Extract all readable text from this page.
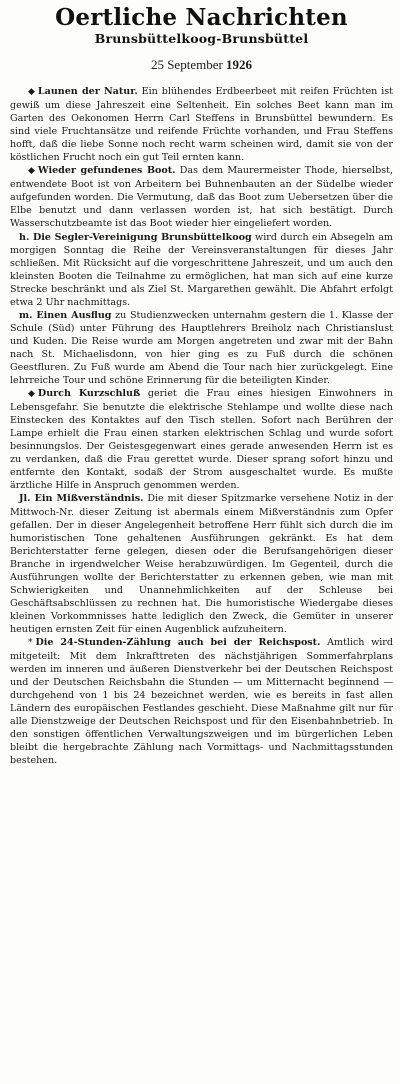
Oertliche Nachrichten
Brunsbüttelkoog-Brunsbüttel
25 September 1926

◆ Launen der Natur. Ein blühendes Erdbeerbeet mit reifen Früchten ist gewiß um diese Jahreszeit eine Seltenheit. Ein solches Beet kann man im Garten des Oekonomen Herrn Carl Steffens in Brunsbüttel bewundern. Es sind viele Fruchtansätze und reifende Früchte vorhanden, und Frau Steffens hofft, daß die liebe Sonne noch recht warm scheinen wird, damit sie von der köstlichen Frucht noch ein gut Teil ernten kann.

◆ Wieder gefundenes Boot. Das dem Maurermeister Thode, hierselbst, entwendete Boot ist von Arbeitern bei Buhnenbauten an der Südelbe wieder aufgefunden worden. Die Vermutung, daß das Boot zum Uebersetzen über die Elbe benutzt und dann verlassen worden ist, hat sich bestätigt. Durch Wasserschutzbeamte ist das Boot wieder hier eingeliefert worden.

h. Die Segler-Vereinigung Brunsbüttelkoog wird durch ein Absegeln am morgigen Sonntag die Reihe der Vereinsveranstaltungen für dieses Jahr schließen. Mit Rücksicht auf die vorgeschrittene Jahreszeit, und um auch den kleinsten Booten die Teilnahme zu ermöglichen, hat man sich auf eine kurze Strecke beschränkt und als Ziel St. Margarethen gewählt. Die Abfahrt erfolgt etwa 2 Uhr nachmittags.

m. Einen Ausflug zu Studienzwecken unternahm gestern die 1. Klasse der Schule (Süd) unter Führung des Hauptlehrers Breiholz nach Christianslust und Kuden. Die Reise wurde am Morgen angetreten und zwar mit der Bahn nach St. Michaelisdonn, von hier ging es zu Fuß durch die schönen Geestfluren. Zu Fuß wurde am Abend die Tour nach hier zurückgelegt. Eine lehrreiche Tour und schöne Erinnerung für die beteiligten Kinder.

◆ Durch Kurzschluß geriet die Frau eines hiesigen Einwohners in Lebensgefahr. Sie benutzte die elektrische Stehlampe und wollte diese nach Einstecken des Kontaktes auf den Tisch stellen. Sofort nach Berühren der Lampe erhielt die Frau einen starken elektrischen Schlag und wurde sofort besinnungslos. Der Geistesgegenwart eines gerade anwesenden Herrn ist es zu verdanken, daß die Frau gerettet wurde. Dieser sprang sofort hinzu und entfernte den Kontakt, sodaß der Strom ausgeschaltet wurde. Es mußte ärztliche Hilfe in Anspruch genommen werden.

Jl. Ein Mißverständnis. Die mit dieser Spitzmarke versehene Notiz in der Mittwoch-Nr. dieser Zeitung ist abermals einem Mißverständnis zum Opfer gefallen. Der in dieser Angelegenheit betroffene Herr fühlt sich durch die im humoristischen Tone gehaltenen Ausführungen gekränkt. Es hat dem Berichterstatter ferne gelegen, diesen oder die Berufsangehörigen dieser Branche in irgendwelcher Weise herabzuwürdigen. Im Gegenteil, durch die Ausführungen wollte der Berichterstatter zu erkennen geben, wie man mit Schwierigkeiten und Unannehmlichkeiten auf der Schleuse bei Geschäftsabschlüssen zu rechnen hat. Die humoristische Wiedergabe dieses kleinen Vorkommnisses hatte lediglich den Zweck, die Gemüter in unserer heutigen ernsten Zeit für einen Augenblick aufzuheitern.

* Die 24-Stunden-Zählung auch bei der Reichspost. Amtlich wird mitgeteilt: Mit dem Inkrafttreten des nächstjährigen Sommerfahrplans werden im inneren und äußeren Dienstverkehr bei der Deutschen Reichspost und der Deutschen Reichsbahn die Stunden — um Mitternacht beginnend — durchgehend von 1 bis 24 bezeichnet werden, wie es bereits in fast allen Ländern des europäischen Festlandes geschieht. Diese Maßnahme gilt nur für alle Dienstzweige der Deutschen Reichspost und für den Eisenbahnbetrieb. In den sonstigen öffentlichen Verwaltungszweigen und im bürgerlichen Leben bleibt die hergebrachte Zählung nach Vormittags- und Nachmittagsstunden bestehen.
